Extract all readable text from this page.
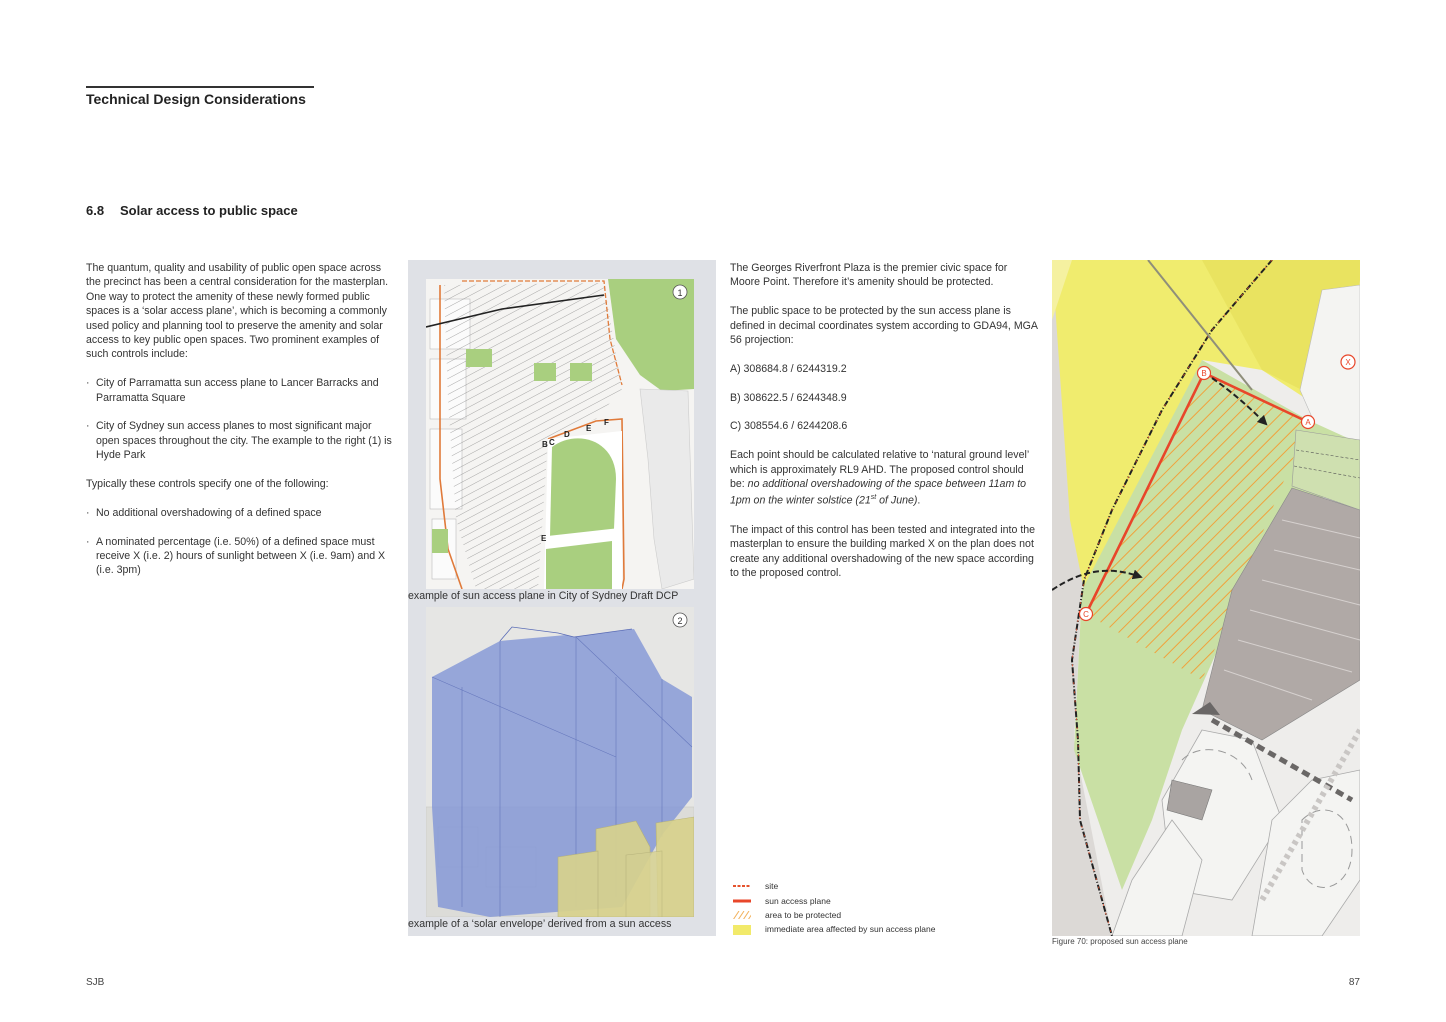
Technical Design Considerations
6.8 Solar access to public space

The quantum, quality and usability of public open space across the precinct has been a central consideration for the masterplan. One way to protect the amenity of these newly formed public spaces is a ‘solar access plane’, which is becoming a commonly used policy and planning tool to preserve the amenity and solar access to key public open spaces. Two prominent examples of such controls include:

· City of Parramatta sun access plane to Lancer Barracks and Parramatta Square
· City of Sydney sun access planes to most significant major open spaces throughout the city. The example to the right (1) is Hyde Park

Typically these controls specify one of the following:

· No additional overshadowing of a defined space
· A nominated percentage (i.e. 50%) of a defined space must receive X (i.e. 2) hours of sunlight between X (i.e. 9am) and X (i.e. 3pm)
1
B C
D
E
F
E
example of sun access plane in City of Sydney Draft DCP
2
example of a ‘solar envelope’ derived from a sun access

The Georges Riverfront Plaza is the premier civic space for Moore Point. Therefore it’s amenity should be protected.

The public space to be protected by the sun access plane is defined in decimal coordinates system according to GDA94, MGA 56 projection:

A) 308684.8 / 6244319.2

B) 308622.5 / 6244348.9

C) 308554.6 / 6244208.6

Each point should be calculated relative to ‘natural ground level’ which is approximately RL9 AHD. The proposed control should be: no additional overshadowing of the space between 11am to 1pm on the winter solstice (21st of June).

The impact of this control has been tested and integrated into the masterplan to ensure the building marked X on the plan does not create any additional overshadowing of the new space according to the proposed control.

site
sun access plane
area to be protected
immediate area affected by sun access plane
A
B
C
X
Figure 70: proposed sun access plane
SJB	87
